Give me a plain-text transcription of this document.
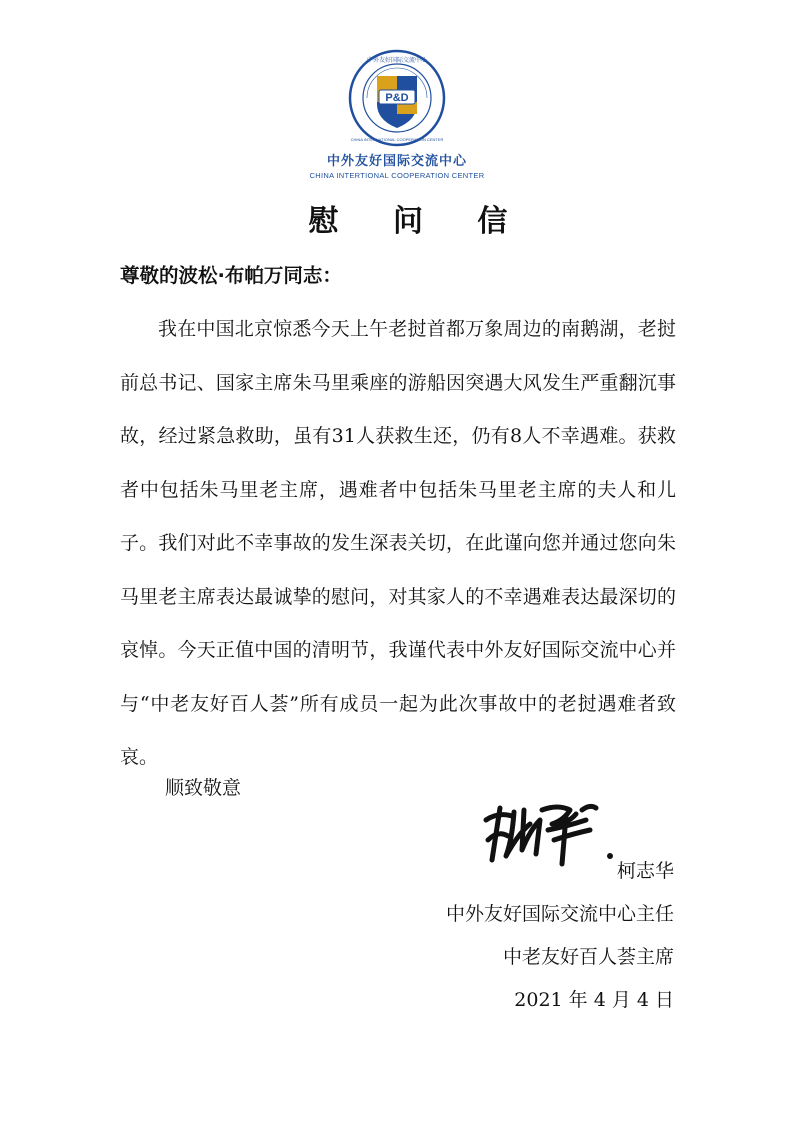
中外友好国际交流中心
CHINA INTERNATIONAL COOPERATION CENTER
P&D
中外友好国际交流中心
CHINA INTERTIONAL COOPERATION CENTER
慰 问 信
尊敬的波松·布帕万同志：
我在中国北京惊悉今天上午老挝首都万象周边的南鹅湖，老挝前总书记、国家主席朱马里乘座的游船因突遇大风发生严重翻沉事故，经过紧急救助，虽有31人获救生还，仍有8人不幸遇难。获救者中包括朱马里老主席，遇难者中包括朱马里老主席的夫人和儿子。我们对此不幸事故的发生深表关切，在此谨向您并通过您向朱马里老主席表达最诚挚的慰问，对其家人的不幸遇难表达最深切的哀悼。今天正值中国的清明节，我谨代表中外友好国际交流中心并与“中老友好百人荟”所有成员一起为此次事故中的老挝遇难者致哀。
顺致敬意
柯志华
中外友好国际交流中心主任
中老友好百人荟主席
2021 年 4 月 4 日
